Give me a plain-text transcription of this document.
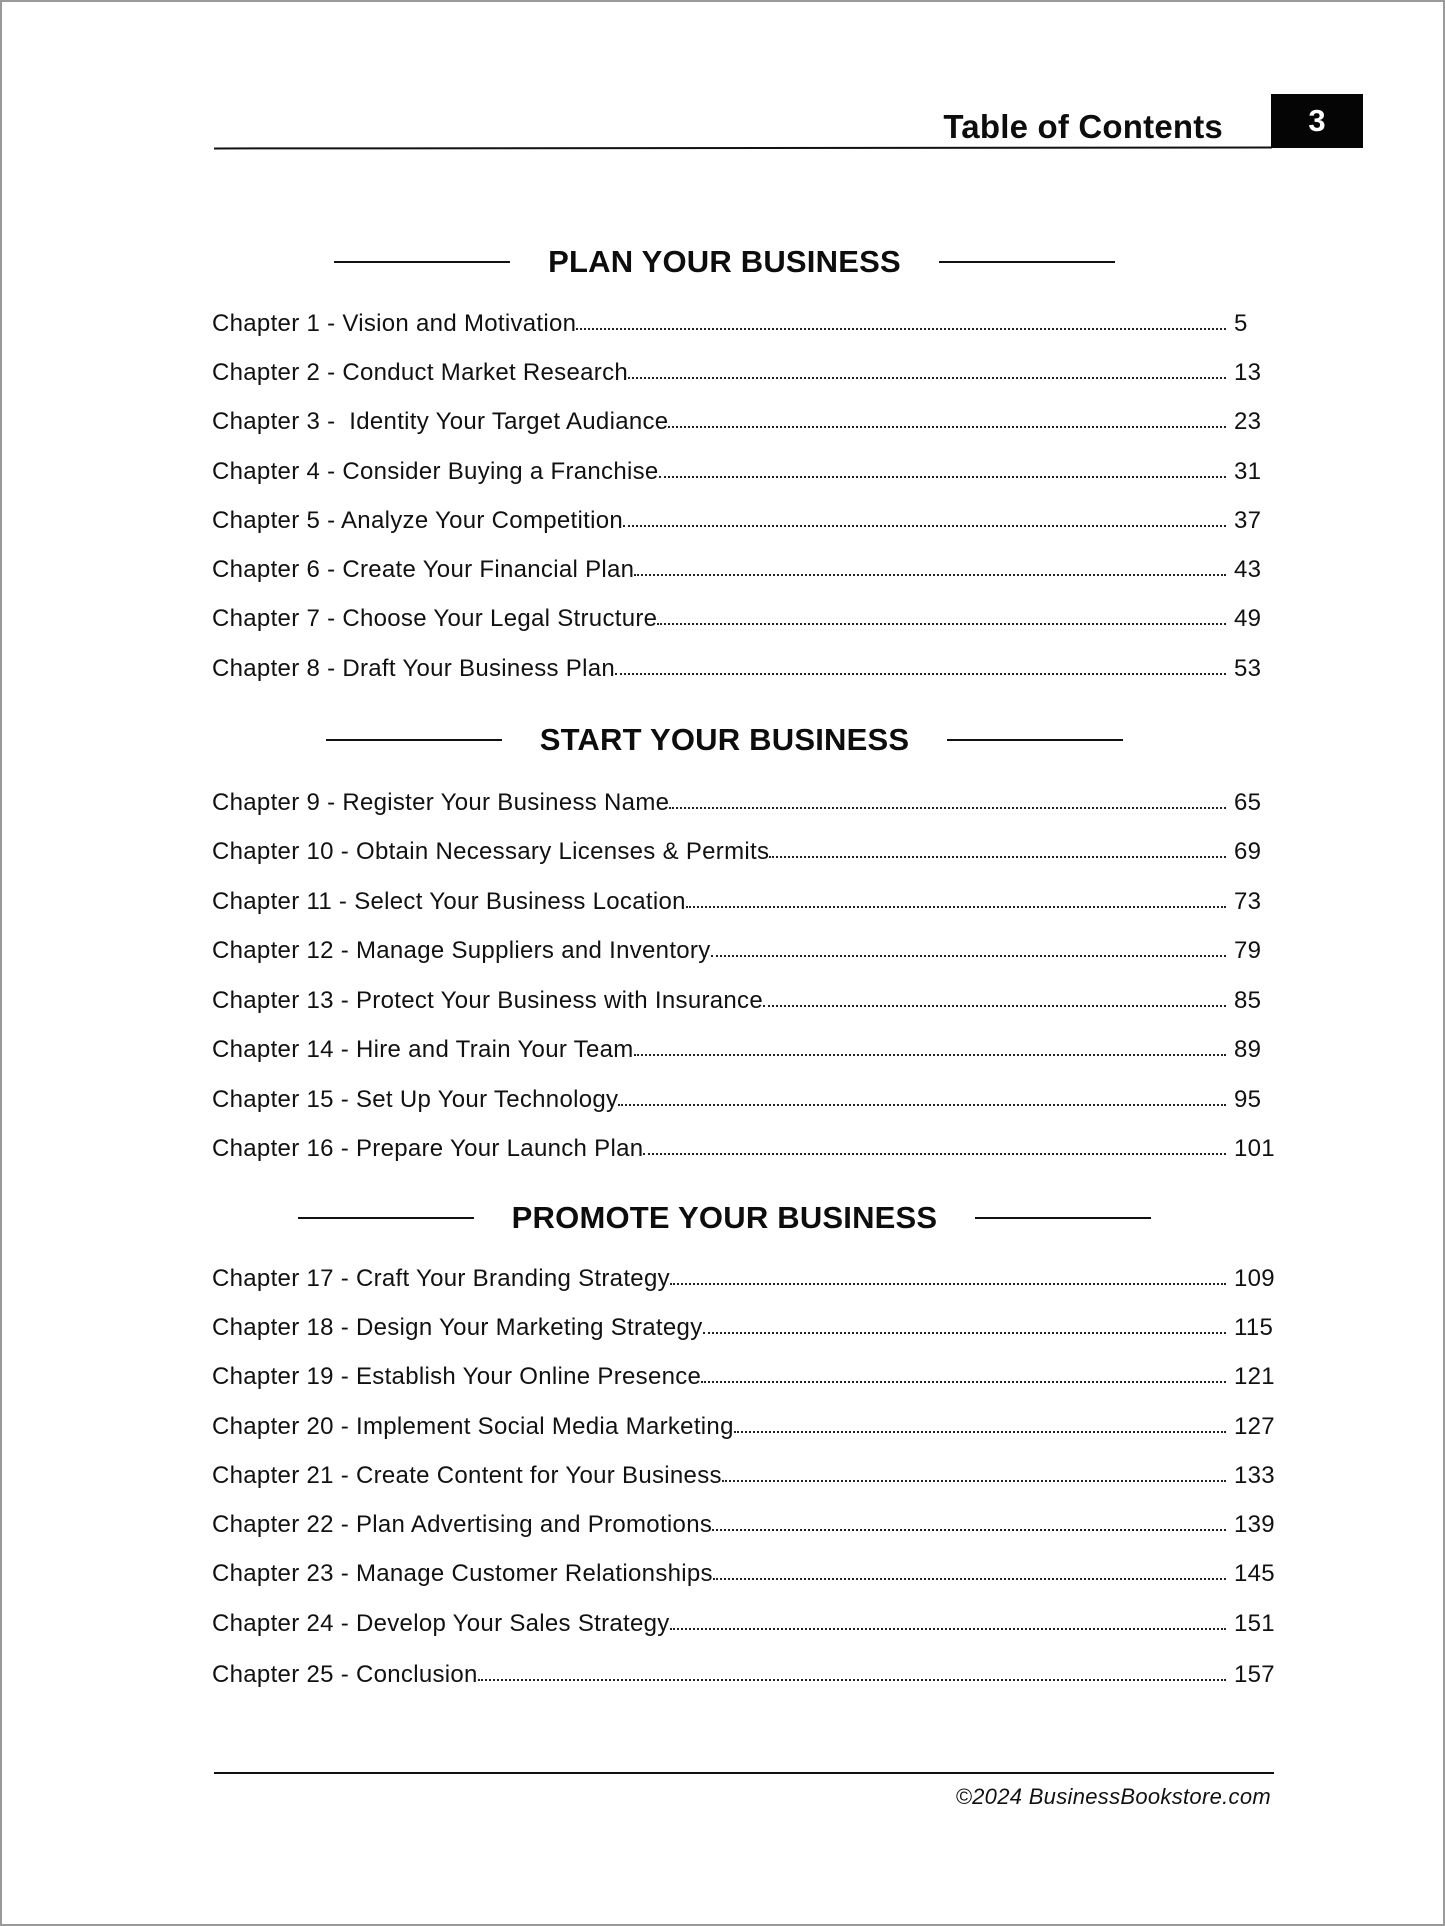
Table of Contents	3
PLAN YOUR BUSINESS
Chapter 1 - Vision and Motivation	5
Chapter 2 - Conduct Market Research	13
Chapter 3 -  Identity Your Target Audiance	23
Chapter 4 - Consider Buying a Franchise	31
Chapter 5 - Analyze Your Competition	37
Chapter 6 - Create Your Financial Plan	43
Chapter 7 - Choose Your Legal Structure	49
Chapter 8 - Draft Your Business Plan	53
START YOUR BUSINESS
Chapter 9 - Register Your Business Name	65
Chapter 10 - Obtain Necessary Licenses & Permits	69
Chapter 11 - Select Your Business Location	73
Chapter 12 - Manage Suppliers and Inventory	79
Chapter 13 - Protect Your Business with Insurance	85
Chapter 14 - Hire and Train Your Team	89
Chapter 15 - Set Up Your Technology	95
Chapter 16 - Prepare Your Launch Plan	101
PROMOTE YOUR BUSINESS
Chapter 17 - Craft Your Branding Strategy	109
Chapter 18 - Design Your Marketing Strategy	115
Chapter 19 - Establish Your Online Presence	121
Chapter 20 - Implement Social Media Marketing	127
Chapter 21 - Create Content for Your Business	133
Chapter 22 - Plan Advertising and Promotions	139
Chapter 23 - Manage Customer Relationships	145
Chapter 24 - Develop Your Sales Strategy	151
Chapter 25 - Conclusion	157
©2024 BusinessBookstore.com
